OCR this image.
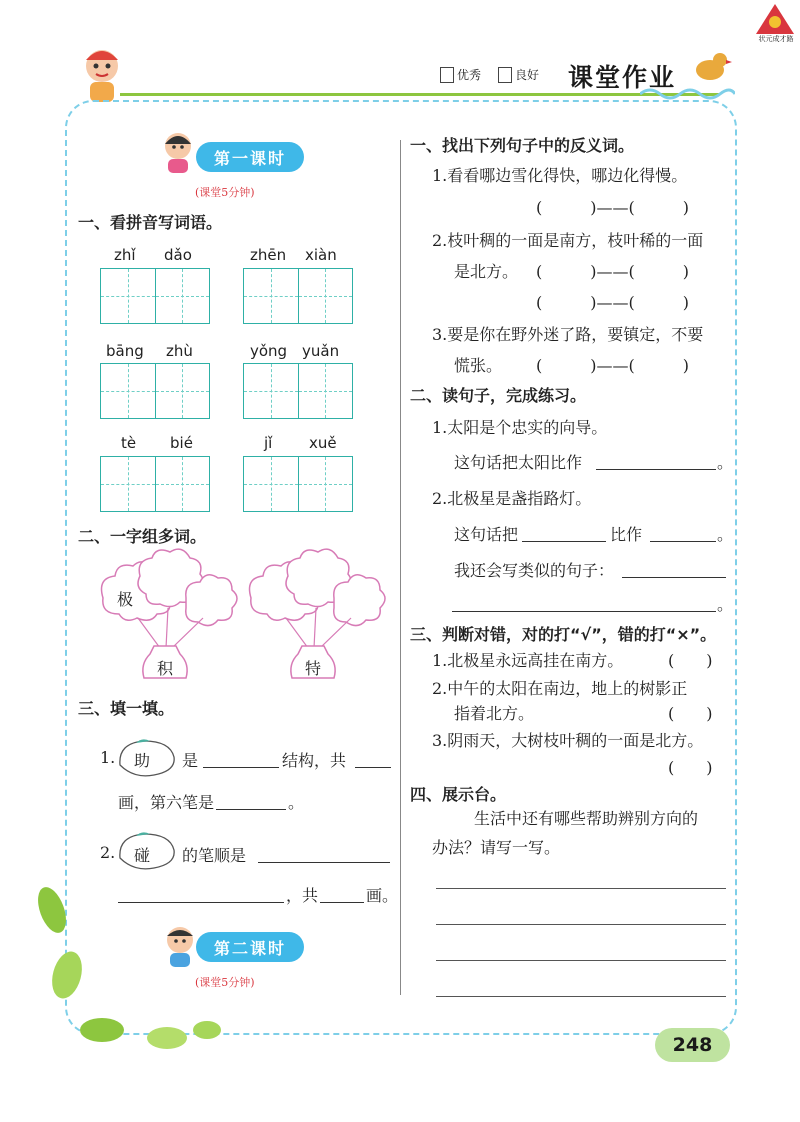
状元成才路
优秀	良好 课堂作业
第一课时
(课堂5分钟)
一、看拼音写词语。
zhǐ dǎo	zhēn xiàn
bāng zhù	yǒng yuǎn
tè bié	jǐ xuě
二、一字组多词。
极
积	特
三、填一填。
1. 助 是	结构，共
画，第六笔是	。
2. 碰 的笔顺是
，共	画。
第二课时
(课堂5分钟)
一、找出下列句子中的反义词。
1.看看哪边雪化得快，哪边化得慢。
(　　　)——(　　　)
2.枝叶稠的一面是南方，枝叶稀的一面
是北方。 (　　　)——(　　　)
(　　　)——(　　　)
3.要是你在野外迷了路，要镇定，不要
慌张。 (　　　)——(　　　)
二、读句子，完成练习。
1.太阳是个忠实的向导。
这句话把太阳比作	。
2.北极星是盏指路灯。
这句话把	比作	。
我还会写类似的句子：
。
三、判断对错，对的打“√”，错的打“×”。
1.北极星永远高挂在南方。	(　　)
2.中午的太阳在南边，地上的树影正
指着北方。	(　　)
3.阴雨天，大树枝叶稠的一面是北方。
(　　)
四、展示台。
生活中还有哪些帮助辨别方向的
办法？请写一写。
248
